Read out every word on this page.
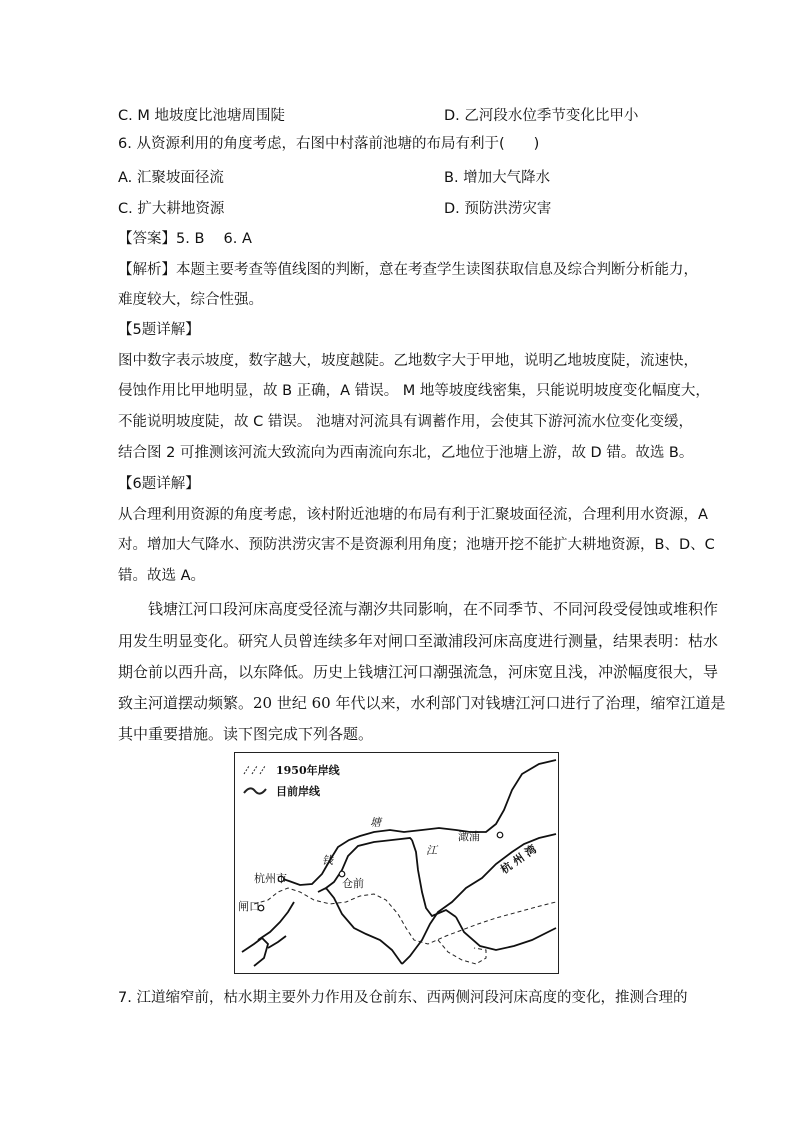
C. M 地坡度比池塘周围陡	D. 乙河段水位季节变化比甲小
6. 从资源利用的角度考虑，右图中村落前池塘的布局有利于(　　)
A. 汇聚坡面径流	B. 增加大气降水
C. 扩大耕地资源	D. 预防洪涝灾害
【答案】5. B　 6. A
【解析】本题主要考查等值线图的判断，意在考查学生读图获取信息及综合判断分析能力，
难度较大，综合性强。
【5题详解】
图中数字表示坡度，数字越大，坡度越陡。乙地数字大于甲地，说明乙地坡度陡，流速快，
侵蚀作用比甲地明显，故 B 正确，A 错误。 M 地等坡度线密集，只能说明坡度变化幅度大，
不能说明坡度陡，故 C 错误。 池塘对河流具有调蓄作用，会使其下游河流水位变化变缓，
结合图 2 可推测该河流大致流向为西南流向东北，乙地位于池塘上游，故 D 错。故选 B。
【6题详解】
从合理利用资源的角度考虑，该村附近池塘的布局有利于汇聚坡面径流，合理利用水资源，A
对。增加大气降水、预防洪涝灾害不是资源利用角度；池塘开挖不能扩大耕地资源，B、D、C
错。故选 A。
钱塘江河口段河床高度受径流与潮汐共同影响，在不同季节、不同河段受侵蚀或堆积作
用发生明显变化。研究人员曾连续多年对闸口至澉浦段河床高度进行测量，结果表明：枯水
期仓前以西升高，以东降低。历史上钱塘江河口潮强流急，河床宽且浅，冲淤幅度很大，导
致主河道摆动频繁。20 世纪 60 年代以来，水利部门对钱塘江河口进行了治理，缩窄江道是
其中重要措施。读下图完成下列各题。
1950年岸线
目前岸线
杭州市
闸口
仓前
澉浦
钱
塘
江	杭 州 湾
7. 江道缩窄前，枯水期主要外力作用及仓前东、西两侧河段河床高度的变化，推测合理的
